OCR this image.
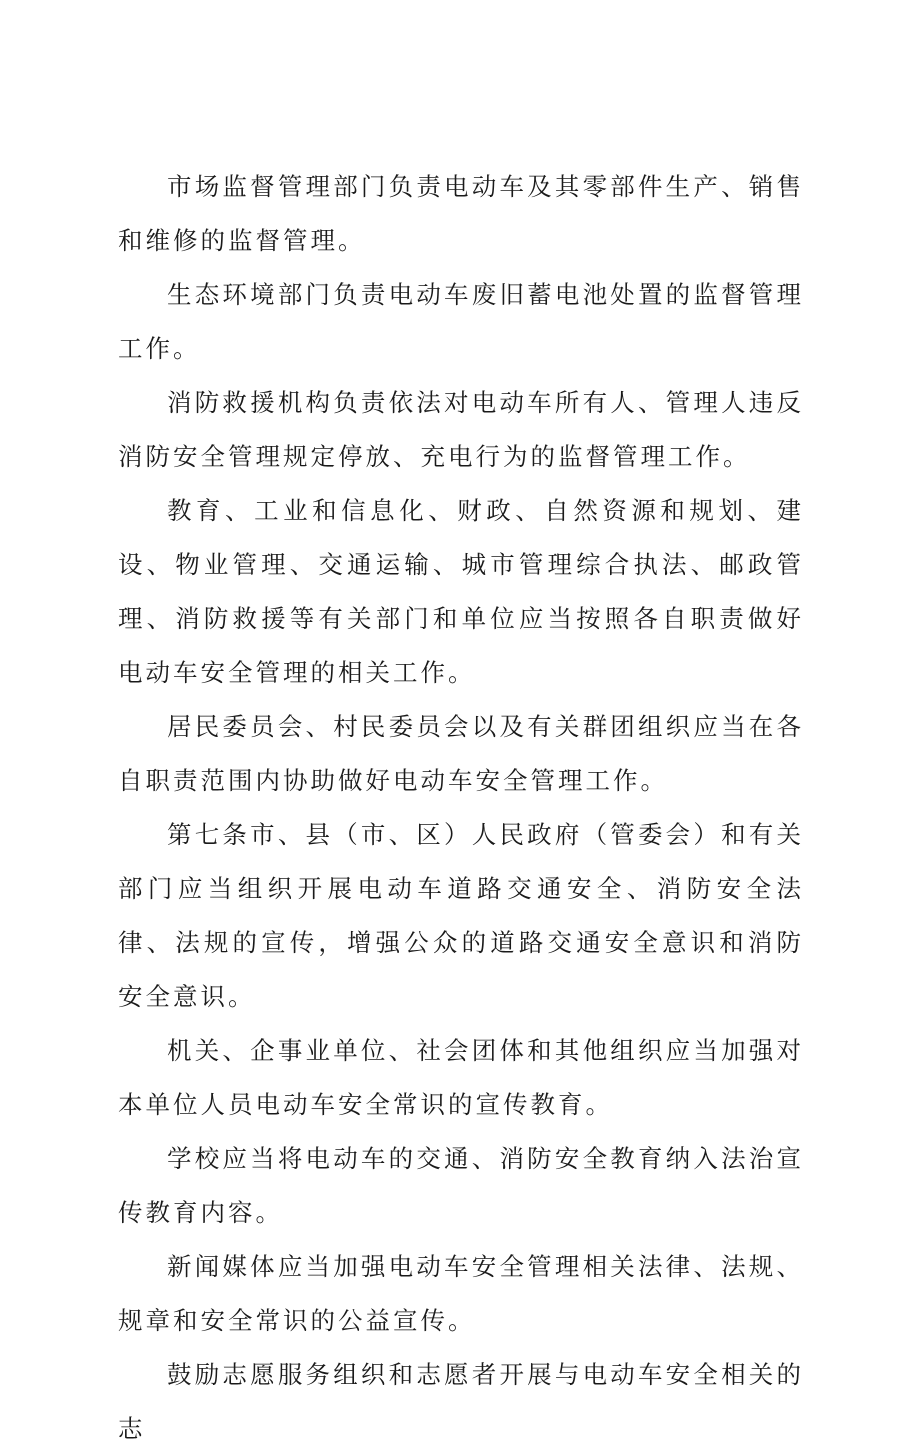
市场监督管理部门负责电动车及其零部件生产、销售和维修的监督管理。

生态环境部门负责电动车废旧蓄电池处置的监督管理工作。

消防救援机构负责依法对电动车所有人、管理人违反消防安全管理规定停放、充电行为的监督管理工作。

教育、工业和信息化、财政、自然资源和规划、建设、物业管理、交通运输、城市管理综合执法、邮政管理、消防救援等有关部门和单位应当按照各自职责做好电动车安全管理的相关工作。

居民委员会、村民委员会以及有关群团组织应当在各自职责范围内协助做好电动车安全管理工作。

第七条市、县（市、区）人民政府（管委会）和有关部门应当组织开展电动车道路交通安全、消防安全法律、法规的宣传，增强公众的道路交通安全意识和消防安全意识。

机关、企事业单位、社会团体和其他组织应当加强对本单位人员电动车安全常识的宣传教育。

学校应当将电动车的交通、消防安全教育纳入法治宣传教育内容。

新闻媒体应当加强电动车安全管理相关法律、法规、规章和安全常识的公益宣传。

鼓励志愿服务组织和志愿者开展与电动车安全相关的志
